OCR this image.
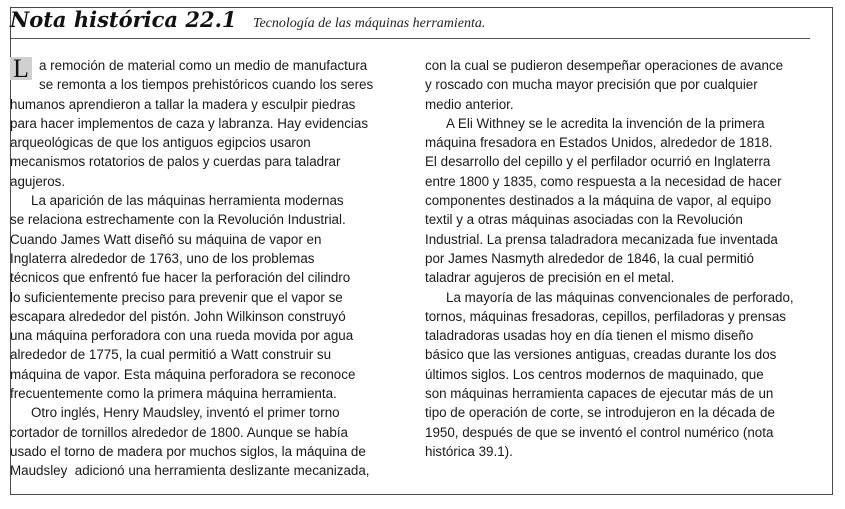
Nota histórica 22.1 Tecnología de las máquinas herramienta.

L a remoción de material como un medio de manufactura
se remonta a los tiempos prehistóricos cuando los seres
humanos aprendieron a tallar la madera y esculpir piedras
para hacer implementos de caza y labranza. Hay evidencias
arqueológicas de que los antiguos egipcios usaron
mecanismos rotatorios de palos y cuerdas para taladrar
agujeros.

La aparición de las máquinas herramienta modernas
se relaciona estrechamente con la Revolución Industrial.
Cuando James Watt diseñó su máquina de vapor en
Inglaterra alrededor de 1763, uno de los problemas
técnicos que enfrentó fue hacer la perforación del cilindro
lo suficientemente preciso para prevenir que el vapor se
escapara alrededor del pistón. John Wilkinson construyó
una máquina perforadora con una rueda movida por agua
alrededor de 1775, la cual permitió a Watt construir su
máquina de vapor. Esta máquina perforadora se reconoce
frecuentemente como la primera máquina herramienta.

Otro inglés, Henry Maudsley, inventó el primer torno
cortador de tornillos alrededor de 1800. Aunque se había
usado el torno de madera por muchos siglos, la máquina de
Maudsley  adicionó una herramienta deslizante mecanizada,

con la cual se pudieron desempeñar operaciones de avance
y roscado con mucha mayor precisión que por cualquier
medio anterior.

A Eli Withney se le acredita la invención de la primera
máquina fresadora en Estados Unidos, alrededor de 1818.
El desarrollo del cepillo y el perfilador ocurrió en Inglaterra
entre 1800 y 1835, como respuesta a la necesidad de hacer
componentes destinados a la máquina de vapor, al equipo
textil y a otras máquinas asociadas con la Revolución
Industrial. La prensa taladradora mecanizada fue inventada
por James Nasmyth alrededor de 1846, la cual permitió
taladrar agujeros de precisión en el metal.

La mayoría de las máquinas convencionales de perforado,
tornos, máquinas fresadoras, cepillos, perfiladoras y prensas
taladradoras usadas hoy en día tienen el mismo diseño
básico que las versiones antiguas, creadas durante los dos
últimos siglos. Los centros modernos de maquinado, que
son máquinas herramienta capaces de ejecutar más de un
tipo de operación de corte, se introdujeron en la década de
1950, después de que se inventó el control numérico (nota
histórica 39.1).
